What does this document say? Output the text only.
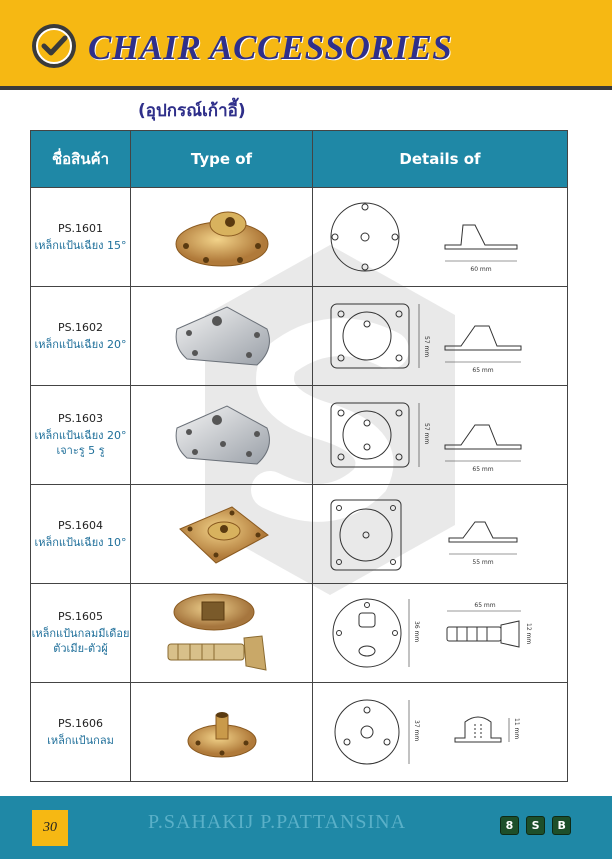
CHAIR ACCESSORIES
(อุปกรณ์เก้าอี้)
ชื่อสินค้า	Type of	Details of

PS.1601
เหล็กแป้นเฉียง 15°		60 mm

PS.1602
เหล็กแป้นเฉียง 20°		57 mm
65 mm

PS.1603
เหล็กแป้นเฉียง 20°
เจาะรู 5 รู		57 mm
65 mm

PS.1604
เหล็กแป้นเฉียง 10°		55 mm

PS.1605
เหล็กแป้นกลมมีเดือย
ตัวเมีย-ตัวผู้		36 mm
65 mm
12 mm

PS.1606
เหล็กแป้นกลม		37 mm 11 mm
30	P.SAHAKIJ P.PATTANSINA	8 S B
